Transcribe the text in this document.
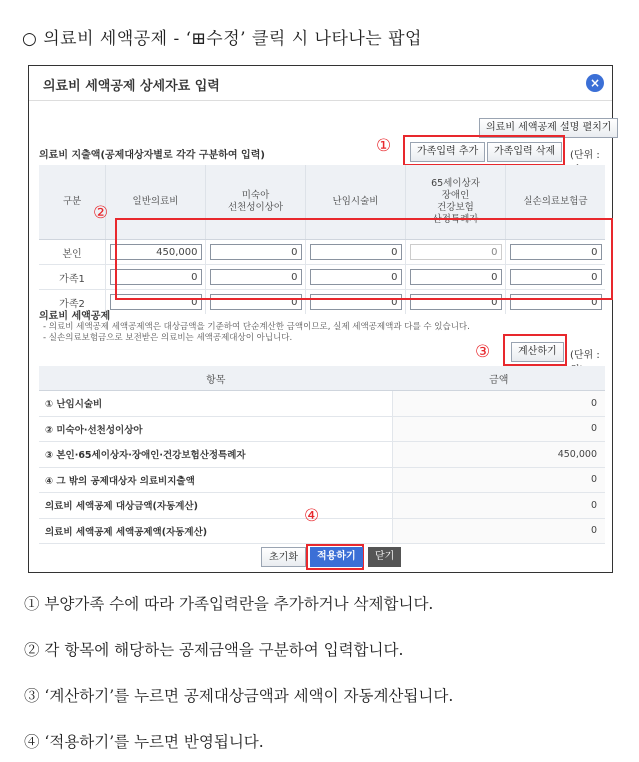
○ 의료비 세액공제 - ‘⊞수정’ 클릭 시 나타나는 팝업
의료비 세액공제 상세자료 입력	×
의료비 세액공제 설명 펼치기
의료비 지출액(공제대상자별로 각각 구분하여 입력)	①	가족입력 추가	가족입력 삭제	(단위 :
구분	일반의료비	미숙아
선천성이상아	난임시술비	65세이상자
장애인
건강보험
산정특례자	실손의료보험금
본인	450,000	0	0	0	0

가족1	0	0	0	0	0

가족2	0	0	0	0	0
②
의료비 세액공제
- 의료비 세액공제 세액공제액은 대상금액을 기준하여 단순계산한 금액이므로, 실제 세액공제액과 다를 수 있습니다.
- 실손의료보험금으로 보전받은 의료비는 세액공제대상이 아닙니다.
③	계산하기	(단위 :
항목	금액
① 난임시술비	0
② 미숙아·선천성이상아	0
③ 본인·65세이상자·장애인·건강보험산정특례자	450,000
④ 그 밖의 공제대상자 의료비지출액	0
의료비 세액공제 대상금액(자동계산)	0
의료비 세액공제 세액공제액(자동계산)	0
④
초기화	적용하기	닫기
① 부양가족 수에 따라 가족입력란을 추가하거나 삭제합니다.
② 각 항목에 해당하는 공제금액을 구분하여 입력합니다.
③ ‘계산하기’를 누르면 공제대상금액과 세액이 자동계산됩니다.
④ ‘적용하기’를 누르면 반영됩니다.
